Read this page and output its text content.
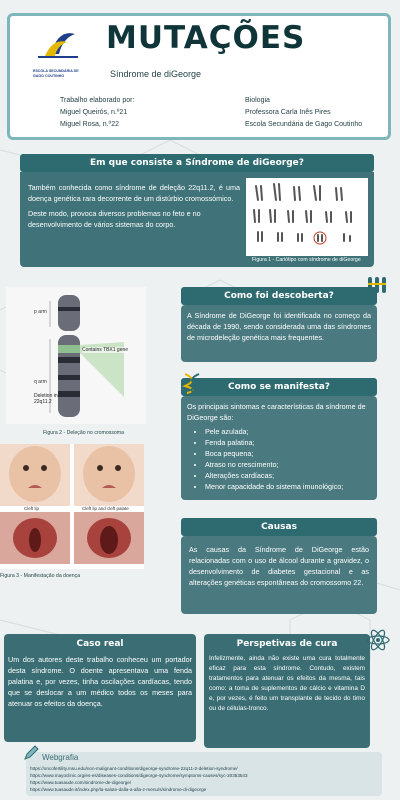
ESCOLA SECUNDÁRIA DE GAGO COUTINHO
MUTAÇÕES
Síndrome de diGeorge
Trabalho elaborado por:
Miguel Queirós, n.º21
Miguel Rosa, n.º22
Biologia
Professora Carla Inês Pires
Escola Secundária de Gago Coutinho
Em que consiste a Síndrome de diGeorge?
Também conhecida como síndrome de deleção 22q11.2, é uma doença genética rara decorrente de um distúrbio cromossómico.
Deste modo, provoca diversos problemas no feto e no desenvolvimento de vários sistemas do corpo.
Figura 1 - Cariótipo com síndrome de diGeorge
p arm
q arm
Contains TBX1 gene
Deletion in 22q11.2
Figura 2 - Deleção no cromossoma
Como foi descoberta?
A Síndrome de DiGeorge foi identificada no começo da década de 1990, sendo considerada uma das síndromes de microdeleção genética mais frequentes.
Como se manifesta?
Os principais sintomas e características da síndrome de DiGeorge são:
• Pele azulada;
• Fenda palatina;
• Boca pequena;
• Atraso no crescimento;
• Alterações cardíacas;
• Menor capacidade do sistema imunológico;
Cleft lip	Cleft lip and cleft palate
Figura 3 - Manifestação da doença
Causas
As causas da Síndrome de DiGeorge estão relacionadas com o uso de álcool durante a gravidez, o desenvolvimento de diabetes gestacional e as alterações genéticas espontâneas do cromossomo 22.
Caso real
Um dos autores deste trabalho conheceu um portador desta síndrome. O doente apresentava uma fenda palatina e, por vezes, tinha oscilações cardíacas, tendo que se deslocar a um médico todos os meses para atenuar os efeitos da doença.
Perspetivas de cura
Infelizmente, ainda não existe uma cura totalmente eficaz para esta síndrome. Contudo, existem tratamentos para atenuar os efeitos da mesma, tais como: a toma de suplementos de cálcio e vitamina D e, por vezes, é feito um transplante de tecido do timo ou de células-tronco.
Webgrafia
https://oncofertility.msu.edu/non-malignant-conditions/digeorge-syndrome-22q11-2-deletion-syndrome/
https://www.mayoclinic.org/es-es/diseases-conditions/digeorge-syndrome/symptoms-causes/syc-20353543
https://www.tuasaude.com/sindrome-de-digeorge/
https://www.tuasaude.it/index.php/la-salute-dalla-a-alla-z-menu/s/sindrome-di-digeorge
